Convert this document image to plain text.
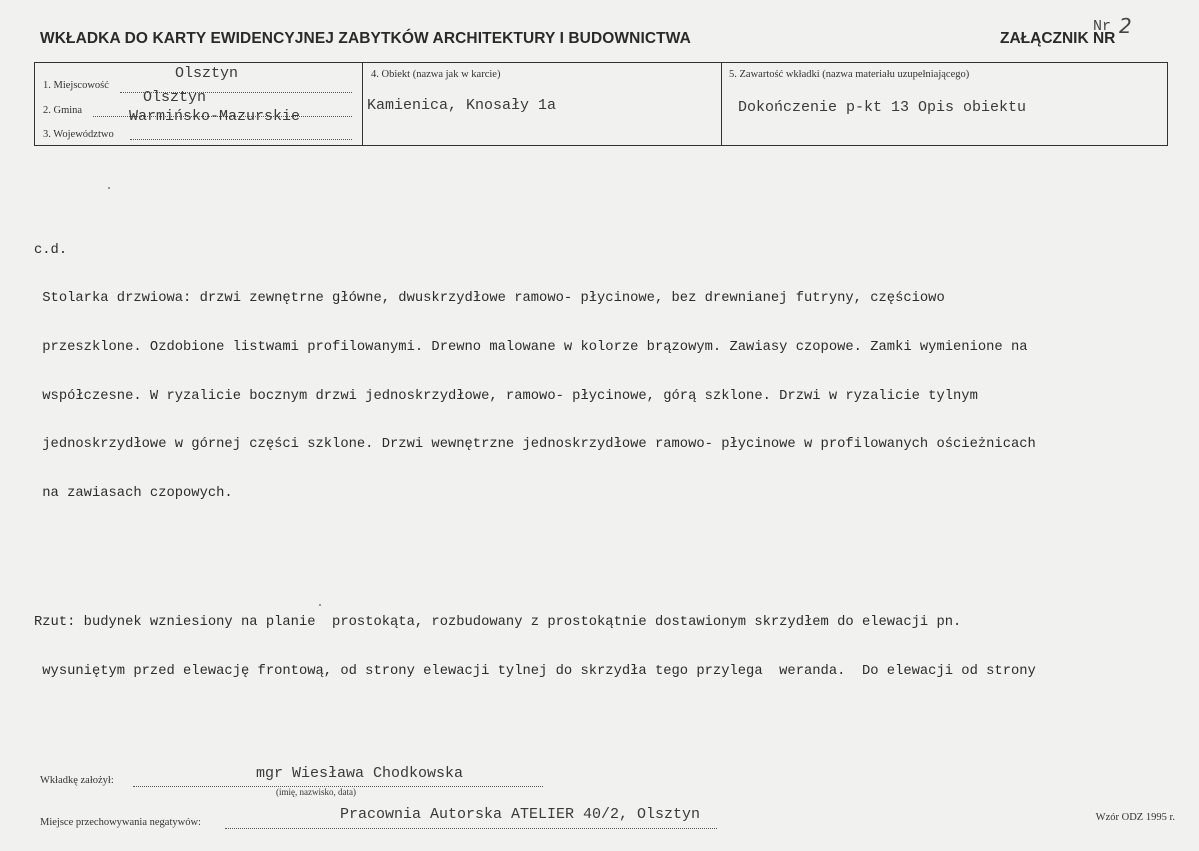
WKŁADKA DO KARTY EWIDENCYJNEJ ZABYTKÓW ARCHITEKTURY I BUDOWNICTWA	ZAŁĄCZNIK NR
Nr 2
1. Miejscowość
Olsztyn
2. Gmina
Olsztyn
3. Województwo
Warmińsko-Mazurskie
4. Obiekt (nazwa jak w karcie)
Kamienica, Knosały 1a
5. Zawartość wkładki (nazwa materiału uzupełniającego)
Dokończenie p-kt 13 Opis obiektu

c.d.

Stolarka drzwiowa: drzwi zewnętrne główne, dwuskrzydłowe ramowo- płycinowe, bez drewnianej futryny, częściowo

przeszklone. Ozdobione listwami profilowanymi. Drewno malowane w kolorze brązowym. Zawiasy czopowe. Zamki wymienione na

współczesne. W ryzalicie bocznym drzwi jednoskrzydłowe, ramowo- płycinowe, górą szklone. Drzwi w ryzalicie tylnym

jednoskrzydłowe w górnej części szklone. Drzwi wewnętrzne jednoskrzydłowe ramowo- płycinowe w profilowanych ościeżnicach

na zawiasach czopowych.

Rzut: budynek wzniesiony na planie  prostokąta, rozbudowany z prostokątnie dostawionym skrzydłem do elewacji pn.

wysuniętym przed elewację frontową, od strony elewacji tylnej do skrzydła tego przylega  weranda.  Do elewacji od strony

Wkładkę założył:	mgr Wiesława Chodkowska
(imię, nazwisko, data)
Miejsce przechowywania negatywów:	Pracownia Autorska ATELIER 40/2, Olsztyn	Wzór ODZ 1995 r.
